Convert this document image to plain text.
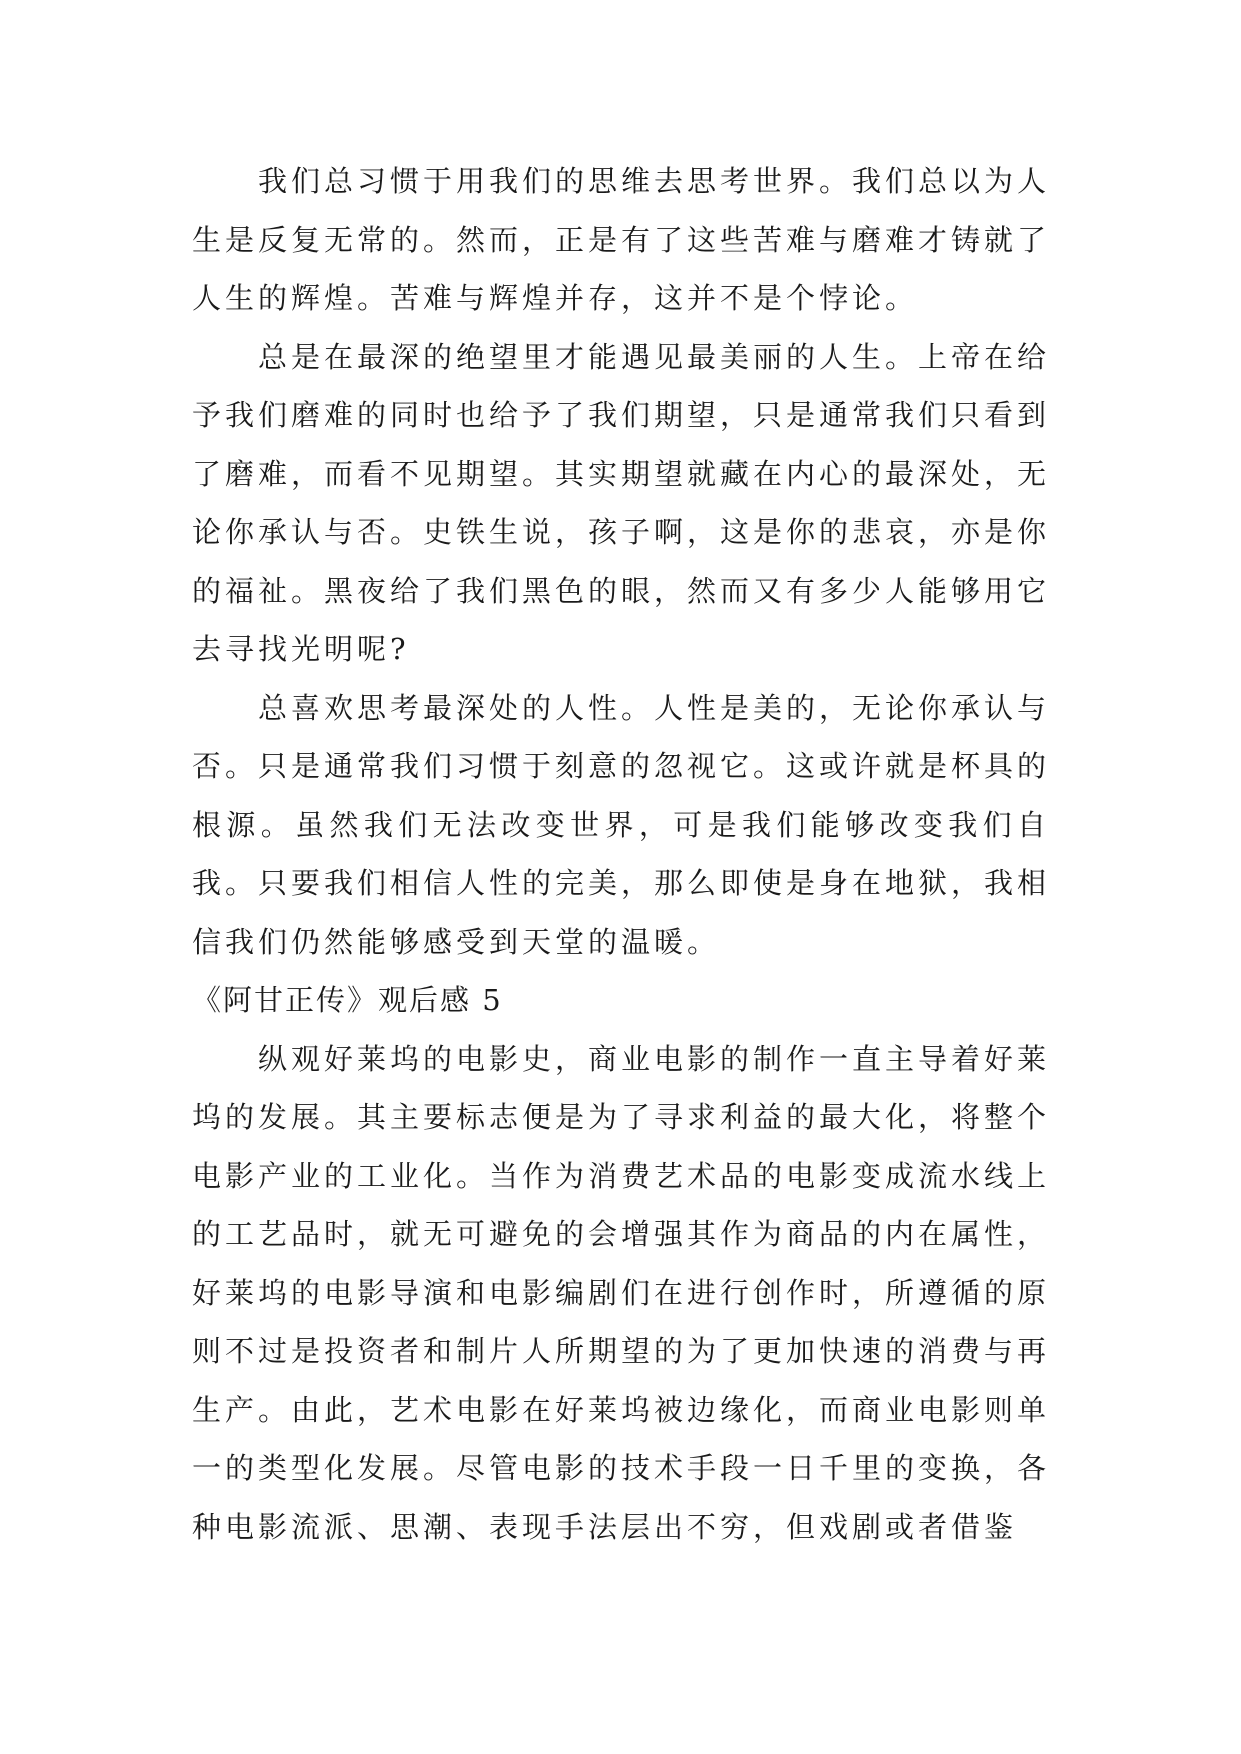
我们总习惯于用我们的思维去思考世界。我们总以为人生是反复无常的。然而，正是有了这些苦难与磨难才铸就了人生的辉煌。苦难与辉煌并存，这并不是个悖论。

总是在最深的绝望里才能遇见最美丽的人生。上帝在给予我们磨难的同时也给予了我们期望，只是通常我们只看到了磨难，而看不见期望。其实期望就藏在内心的最深处，无论你承认与否。史铁生说，孩子啊，这是你的悲哀，亦是你的福祉。黑夜给了我们黑色的眼，然而又有多少人能够用它去寻找光明呢?

总喜欢思考最深处的人性。人性是美的，无论你承认与否。只是通常我们习惯于刻意的忽视它。这或许就是杯具的根源。虽然我们无法改变世界，可是我们能够改变我们自我。只要我们相信人性的完美，那么即使是身在地狱，我相信我们仍然能够感受到天堂的温暖。

《阿甘正传》观后感 5

纵观好莱坞的电影史，商业电影的制作一直主导着好莱坞的发展。其主要标志便是为了寻求利益的最大化，将整个电影产业的工业化。当作为消费艺术品的电影变成流水线上的工艺品时，就无可避免的会增强其作为商品的内在属性，好莱坞的电影导演和电影编剧们在进行创作时，所遵循的原则不过是投资者和制片人所期望的为了更加快速的消费与再生产。由此，艺术电影在好莱坞被边缘化，而商业电影则单一的类型化发展。尽管电影的技术手段一日千里的变换，各种电影流派、思潮、表现手法层出不穷，但戏剧或者借鉴
